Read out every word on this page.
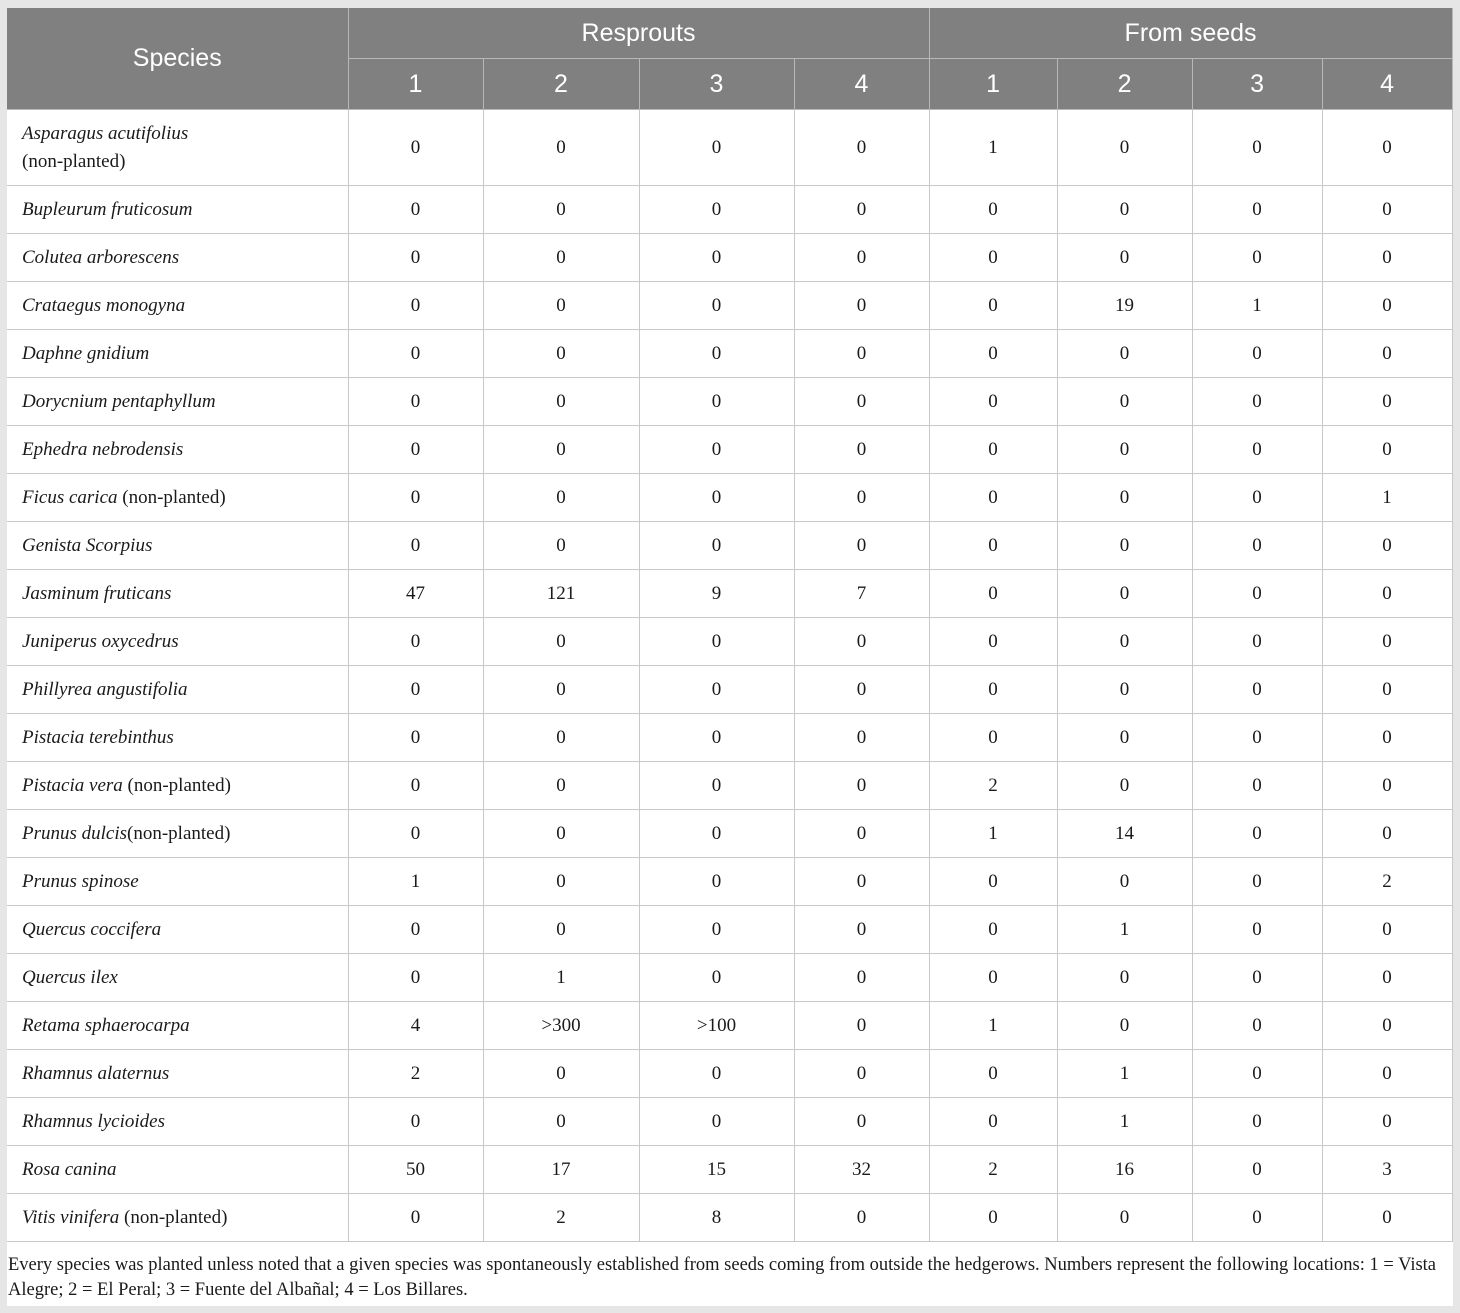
Species	Resprouts				From seeds			
	1	2	3	4	1	2	3	4
Asparagus acutifolius
(non-planted)	0	0	0	0	1	0	0	0
Bupleurum fruticosum	0	0	0	0	0	0	0	0
Colutea arborescens	0	0	0	0	0	0	0	0
Crataegus monogyna	0	0	0	0	0	19	1	0
Daphne gnidium	0	0	0	0	0	0	0	0
Dorycnium pentaphyllum	0	0	0	0	0	0	0	0
Ephedra nebrodensis	0	0	0	0	0	0	0	0
Ficus carica (non-planted)	0	0	0	0	0	0	0	1
Genista Scorpius	0	0	0	0	0	0	0	0
Jasminum fruticans	47	121	9	7	0	0	0	0
Juniperus oxycedrus	0	0	0	0	0	0	0	0
Phillyrea angustifolia	0	0	0	0	0	0	0	0
Pistacia terebinthus	0	0	0	0	0	0	0	0
Pistacia vera (non-planted)	0	0	0	0	2	0	0	0
Prunus dulcis(non-planted)	0	0	0	0	1	14	0	0
Prunus spinose	1	0	0	0	0	0	0	2
Quercus coccifera	0	0	0	0	0	1	0	0
Quercus ilex	0	1	0	0	0	0	0	0
Retama sphaerocarpa	4	>300	>100	0	1	0	0	0
Rhamnus alaternus	2	0	0	0	0	1	0	0
Rhamnus lycioides	0	0	0	0	0	1	0	0
Rosa canina	50	17	15	32	2	16	0	3
Vitis vinifera (non-planted)	0	2	8	0	0	0	0	0
Every species was planted unless noted that a given species was spontaneously established from seeds coming from outside the hedgerows. Numbers represent the following locations: 1 = Vista Alegre; 2 = El Peral; 3 = Fuente del Albañal; 4 = Los Billares.
